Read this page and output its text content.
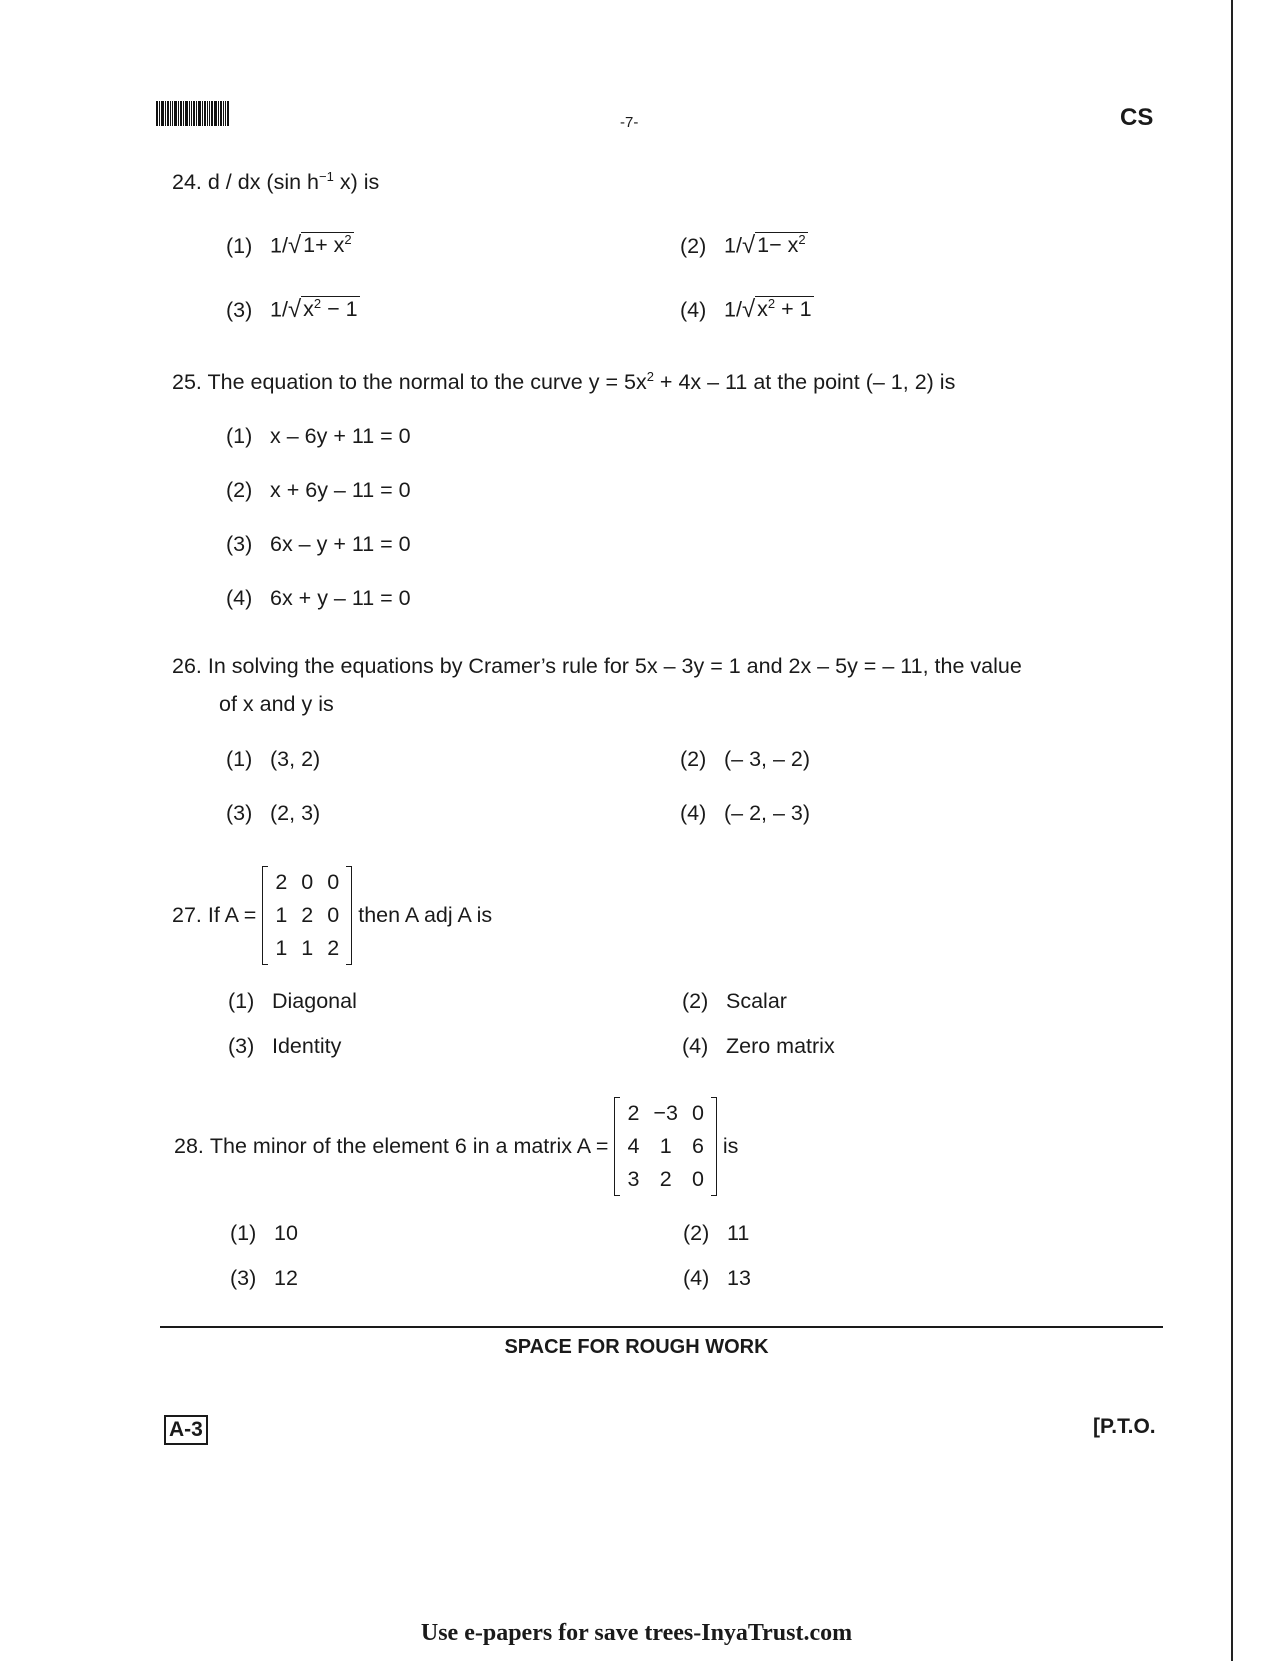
-7-	CS
24. d / dx (sin $h^{-1}$ x) is
(1) 1/ √ $1+ x^2$	(2) 1/ √ $1- x^2$
(3) 1/ √ $x^2 - 1$	(4) 1/ √ $x^2 + 1$
25. The equation to the normal to the curve $y = 5x^2 + 4x - 11$ at the point (– 1, 2) is
(1) x – 6y + 11 = 0
(2) x + 6y – 11 = 0
(3) 6x – y + 11 = 0
(4) 6x + y – 11 = 0
26. In solving the equations by Cramer’s rule for 5x – 3y = 1 and 2x – 5y = – 11, the value
of x and y is
(1) (3, 2)	(2) (– 3, – 2)
(3) (2, 3)	(4) (– 2, – 3)
27. If A =
2	0	0
1	2	0
1	1	2
then A adj A is
(1) Diagonal	(2) Scalar
(3) Identity	(4) Zero matrix
28. The minor of the element 6 in a matrix A =
2	−3	0
4	1	6
3	2	0
is
(1) 10	(2) 11
(3) 12	(4) 13
SPACE FOR ROUGH WORK
A-3	[P.T.O.
Use e-papers for save trees-InyaTrust.com
